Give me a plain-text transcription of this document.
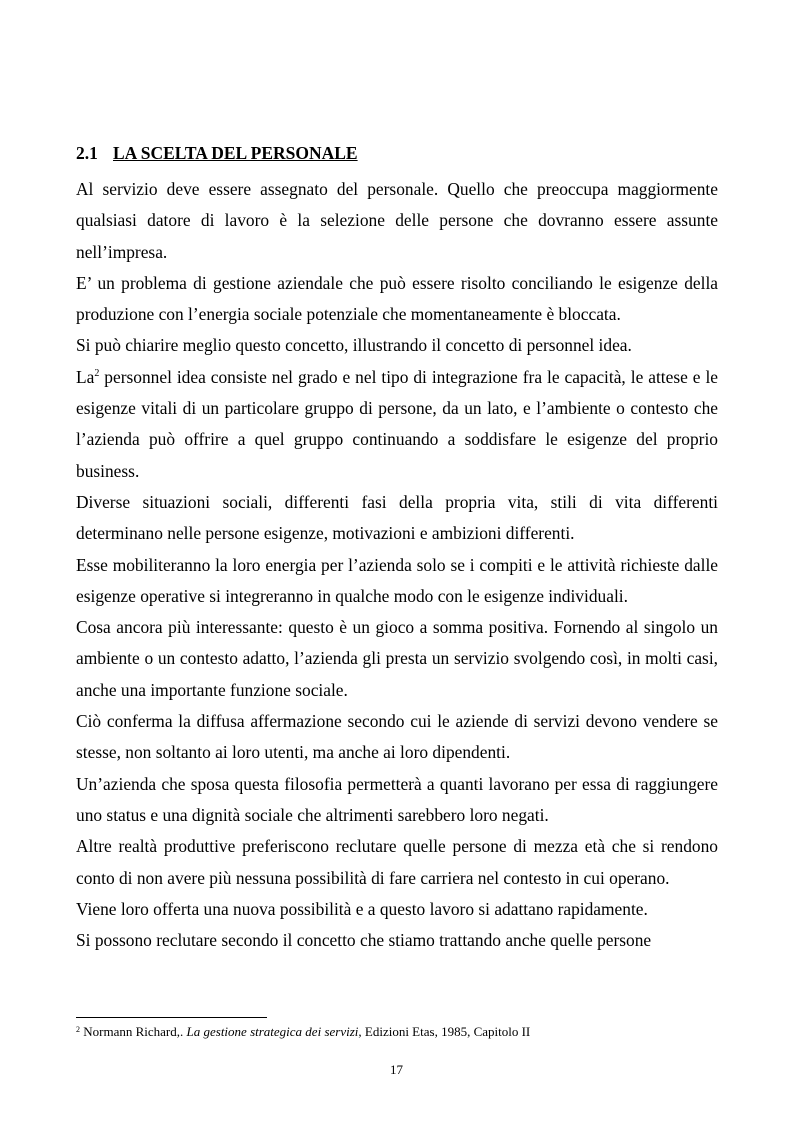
2.1 LA SCELTA DEL PERSONALE

Al servizio deve essere assegnato del personale. Quello che preoccupa maggiormente qualsiasi datore di lavoro è la selezione delle persone che dovranno essere assunte nell’impresa.

E’ un problema di gestione aziendale che può essere risolto conciliando le esigenze della produzione con l’energia sociale potenziale che momentaneamente è bloccata.

Si può chiarire meglio questo concetto, illustrando il concetto di personnel idea.

La$^2$ personnel idea consiste nel grado e nel tipo di integrazione fra le capacità, le attese e le esigenze vitali di un particolare gruppo di persone, da un lato, e l’ambiente o contesto che l’azienda può offrire a quel gruppo continuando a soddisfare le esigenze del proprio business.

Diverse situazioni sociali, differenti fasi della propria vita, stili di vita differenti determinano nelle persone esigenze, motivazioni e ambizioni differenti.

Esse mobiliteranno la loro energia per l’azienda solo se i compiti e le attività richieste dalle esigenze operative si integreranno in qualche modo con le esigenze individuali.

Cosa ancora più interessante: questo è un gioco a somma positiva. Fornendo al singolo un ambiente o un contesto adatto, l’azienda gli presta un servizio svolgendo così, in molti casi, anche una importante funzione sociale.

Ciò conferma la diffusa affermazione secondo cui le aziende di servizi devono vendere se stesse, non soltanto ai loro utenti, ma anche ai loro dipendenti.

Un’azienda che sposa questa filosofia permetterà a quanti lavorano per essa di raggiungere uno status e una dignità sociale che altrimenti sarebbero loro negati.

Altre realtà produttive preferiscono reclutare quelle persone di mezza età che si rendono conto di non avere più nessuna possibilità di fare carriera nel contesto in cui operano.

Viene loro offerta una nuova possibilità e a questo lavoro si adattano rapidamente.

Si possono reclutare secondo il concetto che stiamo trattando anche quelle persone

$^2$ Normann Richard,. La gestione strategica dei servizi, Edizioni Etas, 1985, Capitolo II
17
